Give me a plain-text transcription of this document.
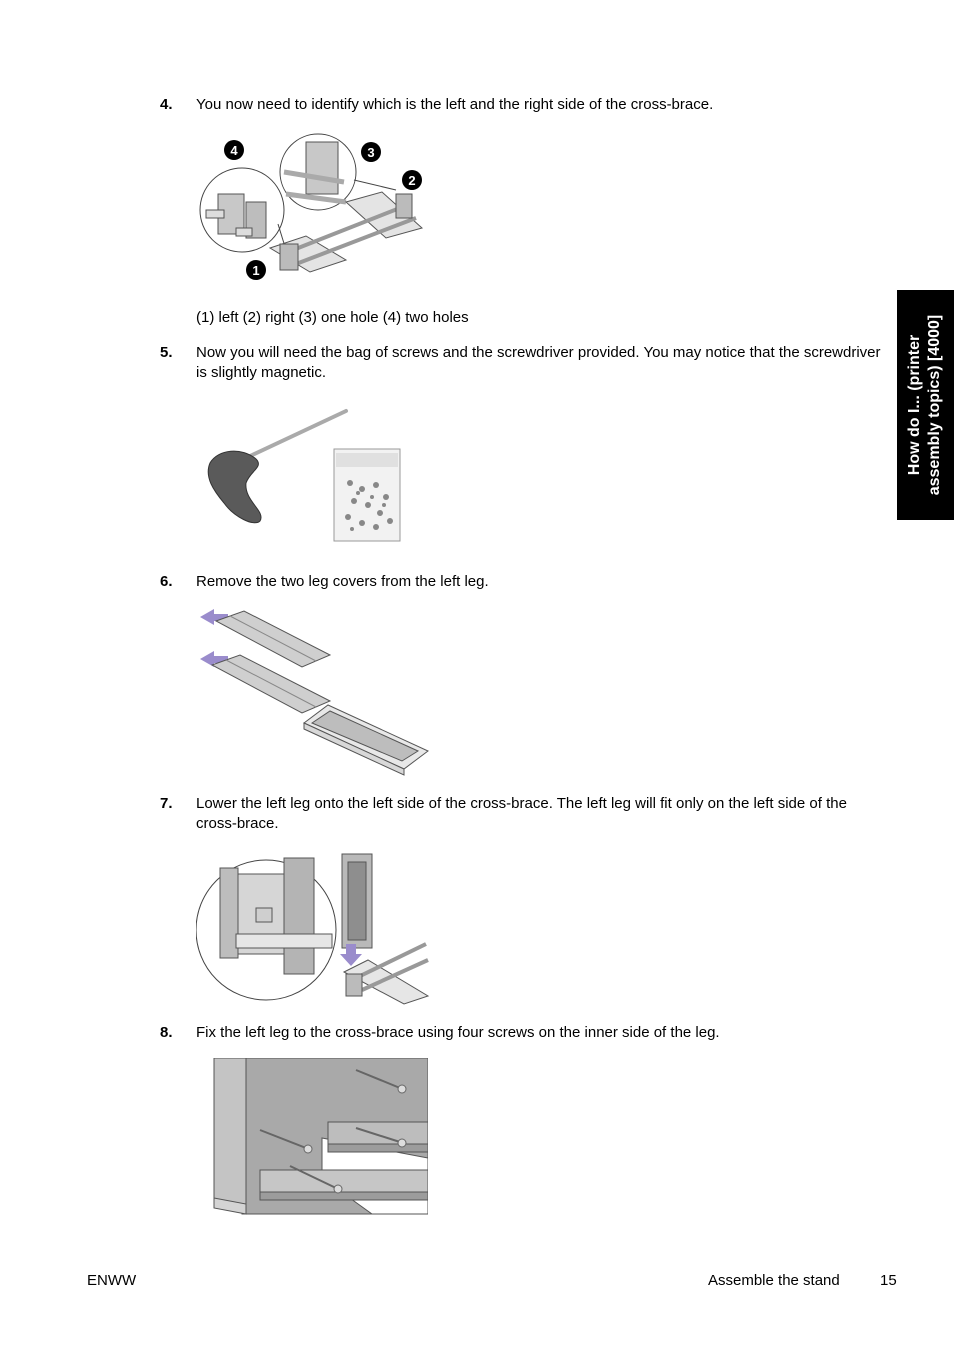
4. You now need to identify which is the left and the right side of the cross-brace.
1
2
3
4
(1) left (2) right (3) one hole (4) two holes
5. Now you will need the bag of screws and the screwdriver provided. You may notice that the screwdriver is slightly magnetic.
6. Remove the two leg covers from the left leg.
7. Lower the left leg onto the left side of the cross-brace. The left leg will fit only on the left side of the cross-brace.
8. Fix the left leg to the cross-brace using four screws on the inner side of the leg.
How do I... (printer assembly topics) [4000]
ENWW	Assemble the stand	15
